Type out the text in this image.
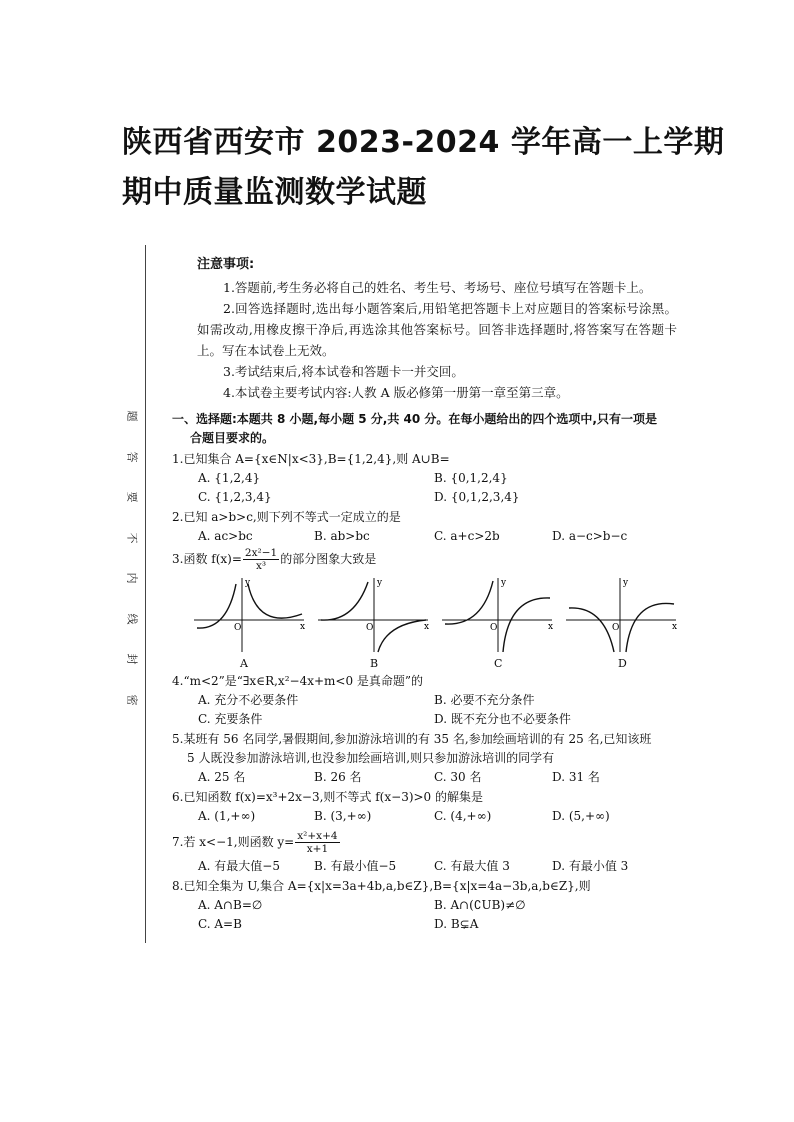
陕西省西安市 2023-2024 学年高一上学期
期中质量监测数学试题
题
答
要
不
内
线
封
密
注意事项:
1.答题前,考生务必将自己的姓名、考生号、考场号、座位号填写在答题卡上。
2.回答选择题时,选出每小题答案后,用铅笔把答题卡上对应题目的答案标号涂黑。如需改动,用橡皮擦干净后,再选涂其他答案标号。回答非选择题时,将答案写在答题卡上。写在本试卷上无效。
3.考试结束后,将本试卷和答题卡一并交回。
4.本试卷主要考试内容:人教 A 版必修第一册第一章至第三章。
一、选择题:本题共 8 小题,每小题 5 分,共 40 分。在每小题给出的四个选项中,只有一项是
合题目要求的。
1.已知集合 A={x∈N|x<3},B={1,2,4},则 A∪B=
A. {1,2,4}	B. {0,1,2,4}
C. {1,2,3,4}	D. {0,1,2,3,4}
2.已知 a>b>c,则下列不等式一定成立的是
A. ac>bc	B. ab>bc	C. a+c>2b	D. a−c>b−c
3.函数 $f(x)= \frac{\text{2x²−1}}{\text{x³}}$ 的部分图象大致是
y
x
O
y
x
O
y
x
O
y
x
O
A	B	C	D
4.“m<2”是“∃x∈R,x²−4x+m<0 是真命题”的
A. 充分不必要条件	B. 必要不充分条件
C. 充要条件	D. 既不充分也不必要条件
5.某班有 56 名同学,暑假期间,参加游泳培训的有 35 名,参加绘画培训的有 25 名,已知该班
5 人既没参加游泳培训,也没参加绘画培训,则只参加游泳培训的同学有
A. 25 名	B. 26 名	C. 30 名	D. 31 名
6.已知函数 f(x)=x³+2x−3,则不等式 f(x−3)>0 的解集是
A. (1,+∞)	B. (3,+∞)	C. (4,+∞)	D. (5,+∞)
7.若 x<−1,则函数 $y= \frac{\text{x²+x+4}}{x+1}$
A. 有最大值−5	B. 有最小值−5	C. 有最大值 3	D. 有最小值 3
8.已知全集为 U,集合 A={x|x=3a+4b,a,b∈Z},B={x|x=4a−3b,a,b∈Z},则
A. A∩B=∅	B. A∩(∁UB)≠∅
C. A=B	D. B⊊A
